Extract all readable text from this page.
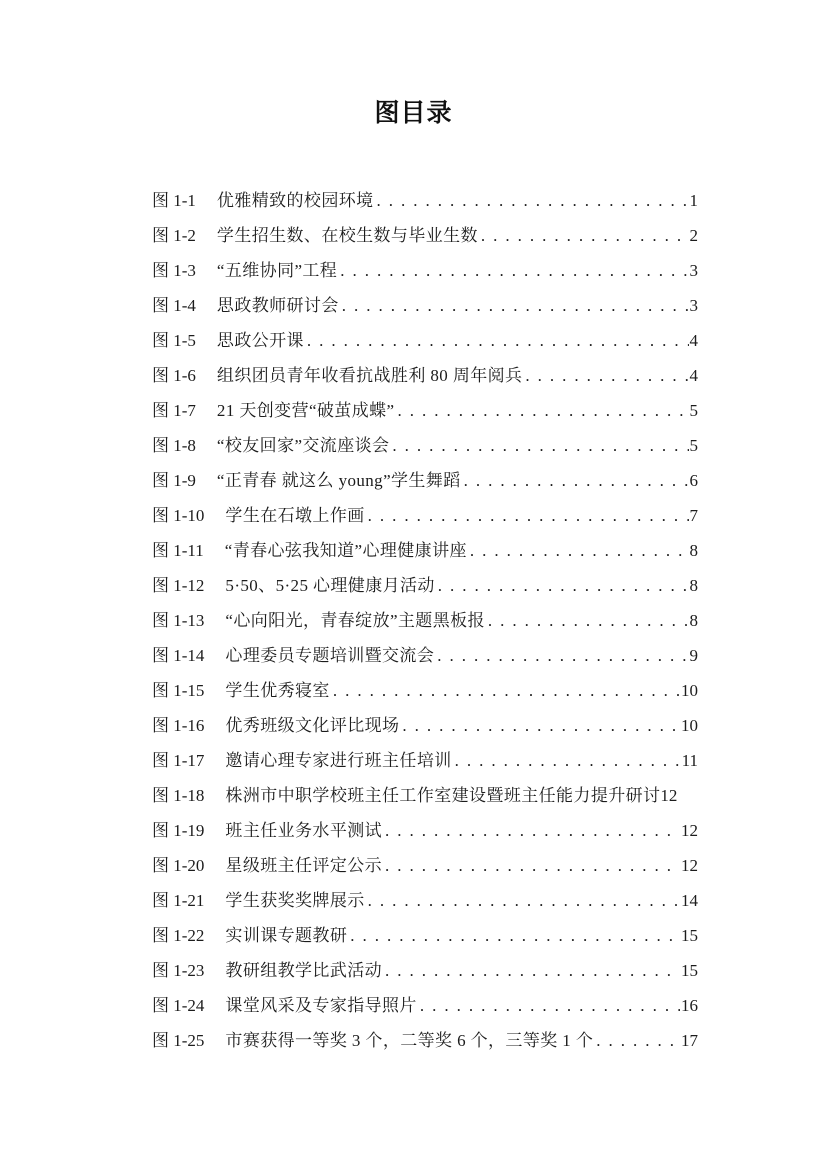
图目录
图 1-1 优雅精致的校园环境 .....	1
图 1-2 学生招生数、在校生数与毕业生数 .....	2
图 1-3 “五维协同”工程 .....	3
图 1-4 思政教师研讨会 .....	3
图 1-5 思政公开课 .....	4
图 1-6 组织团员青年收看抗战胜利 80 周年阅兵 .....	4
图 1-7 21 天创变营“破茧成蝶” .....	5
图 1-8 “校友回家”交流座谈会 .....	5
图 1-9 “正青春 就这么 young”学生舞蹈 .....	6
图 1-10 学生在石墩上作画 .....	7
图 1-11 “青春心弦我知道”心理健康讲座 .....	8
图 1-12 5·50、5·25 心理健康月活动 .....	8
图 1-13 “心向阳光，青春绽放”主题黑板报 .....	8
图 1-14 心理委员专题培训暨交流会 .....	9
图 1-15 学生优秀寝室 .....	10
图 1-16 优秀班级文化评比现场 .....	10
图 1-17 邀请心理专家进行班主任培训 .....	11
图 1-18 株洲市中职学校班主任工作室建设暨班主任能力提升研讨 12
图 1-19 班主任业务水平测试 .....	12
图 1-20 星级班主任评定公示 .....	12
图 1-21 学生获奖奖牌展示 .....	14
图 1-22 实训课专题教研 .....	15
图 1-23 教研组教学比武活动 .....	15
图 1-24 课堂风采及专家指导照片 .....	16
图 1-25 市赛获得一等奖 3 个，二等奖 6 个，三等奖 1 个 .....	17
